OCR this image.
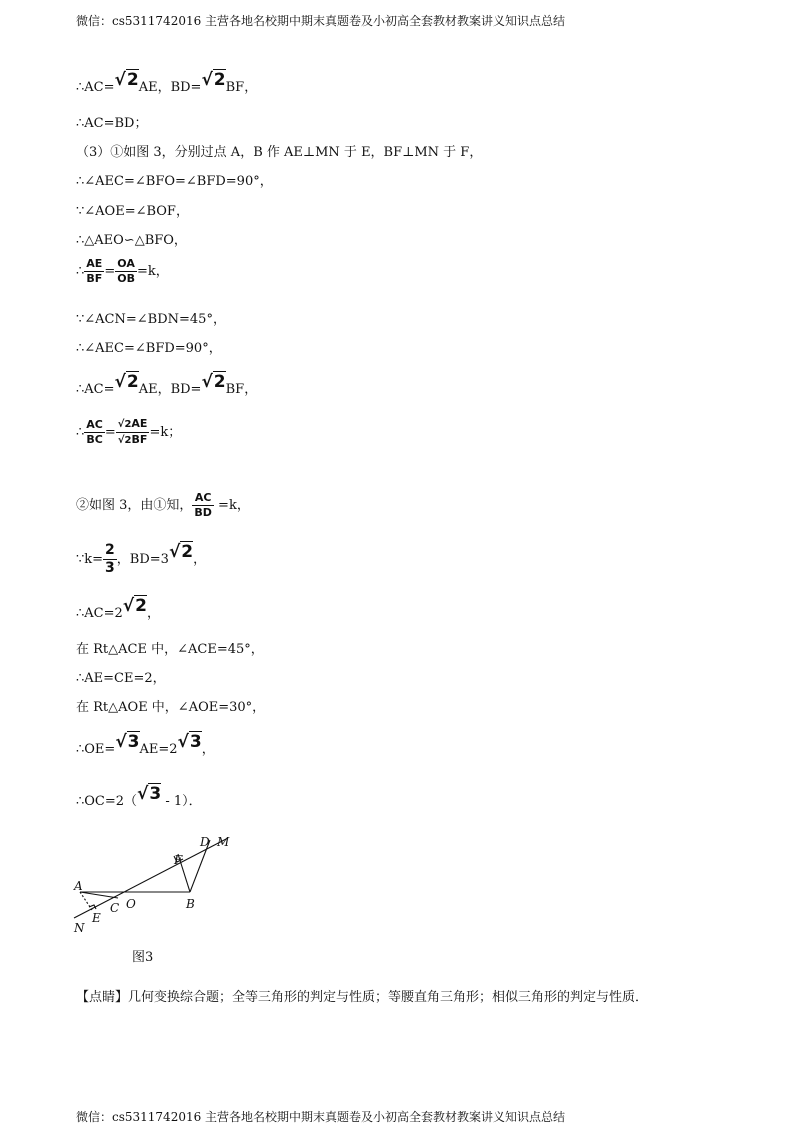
微信：cs5311742016 主营各地名校期中期末真题卷及小初高全套教材教案讲义知识点总结
∴AC=√2AE，BD=√2BF，
∴AC=BD；
（3）①如图 3，分别过点 A，B 作 AE⊥MN 于 E，BF⊥MN 于 F，
∴∠AEC=∠BFO=∠BFD=90°，
∵∠AOE=∠BOF，
∴△AEO∽△BFO，
∴ $\frac{AE}{BF} = \frac{OA}{OB} =k$，
∵∠ACN=∠BDN=45°，
∴∠AEC=∠BFD=90°，
∴AC=√2AE，BD=√2BF，
∴ $\frac{AC}{BC} = \frac{√2AE}{√2BF} =k$；
②如图 3，由①知， $\frac{AC}{BD} =k$，
∵k= $\frac{2}{3}$ ，BD=3√2，
∴AC=2√2，
在 Rt△ACE 中，∠ACE=45°，
∴AE=CE=2，
在 Rt△AOE 中，∠AOE=30°，
∴OE=√3AE=2√3，
∴OC=2（√3 - 1）．
D M
F
A
O	B
C
E
N
图3
【点睛】几何变换综合题；全等三角形的判定与性质；等腰直角三角形；相似三角形的判定与性质．
微信：cs5311742016 主营各地名校期中期末真题卷及小初高全套教材教案讲义知识点总结
